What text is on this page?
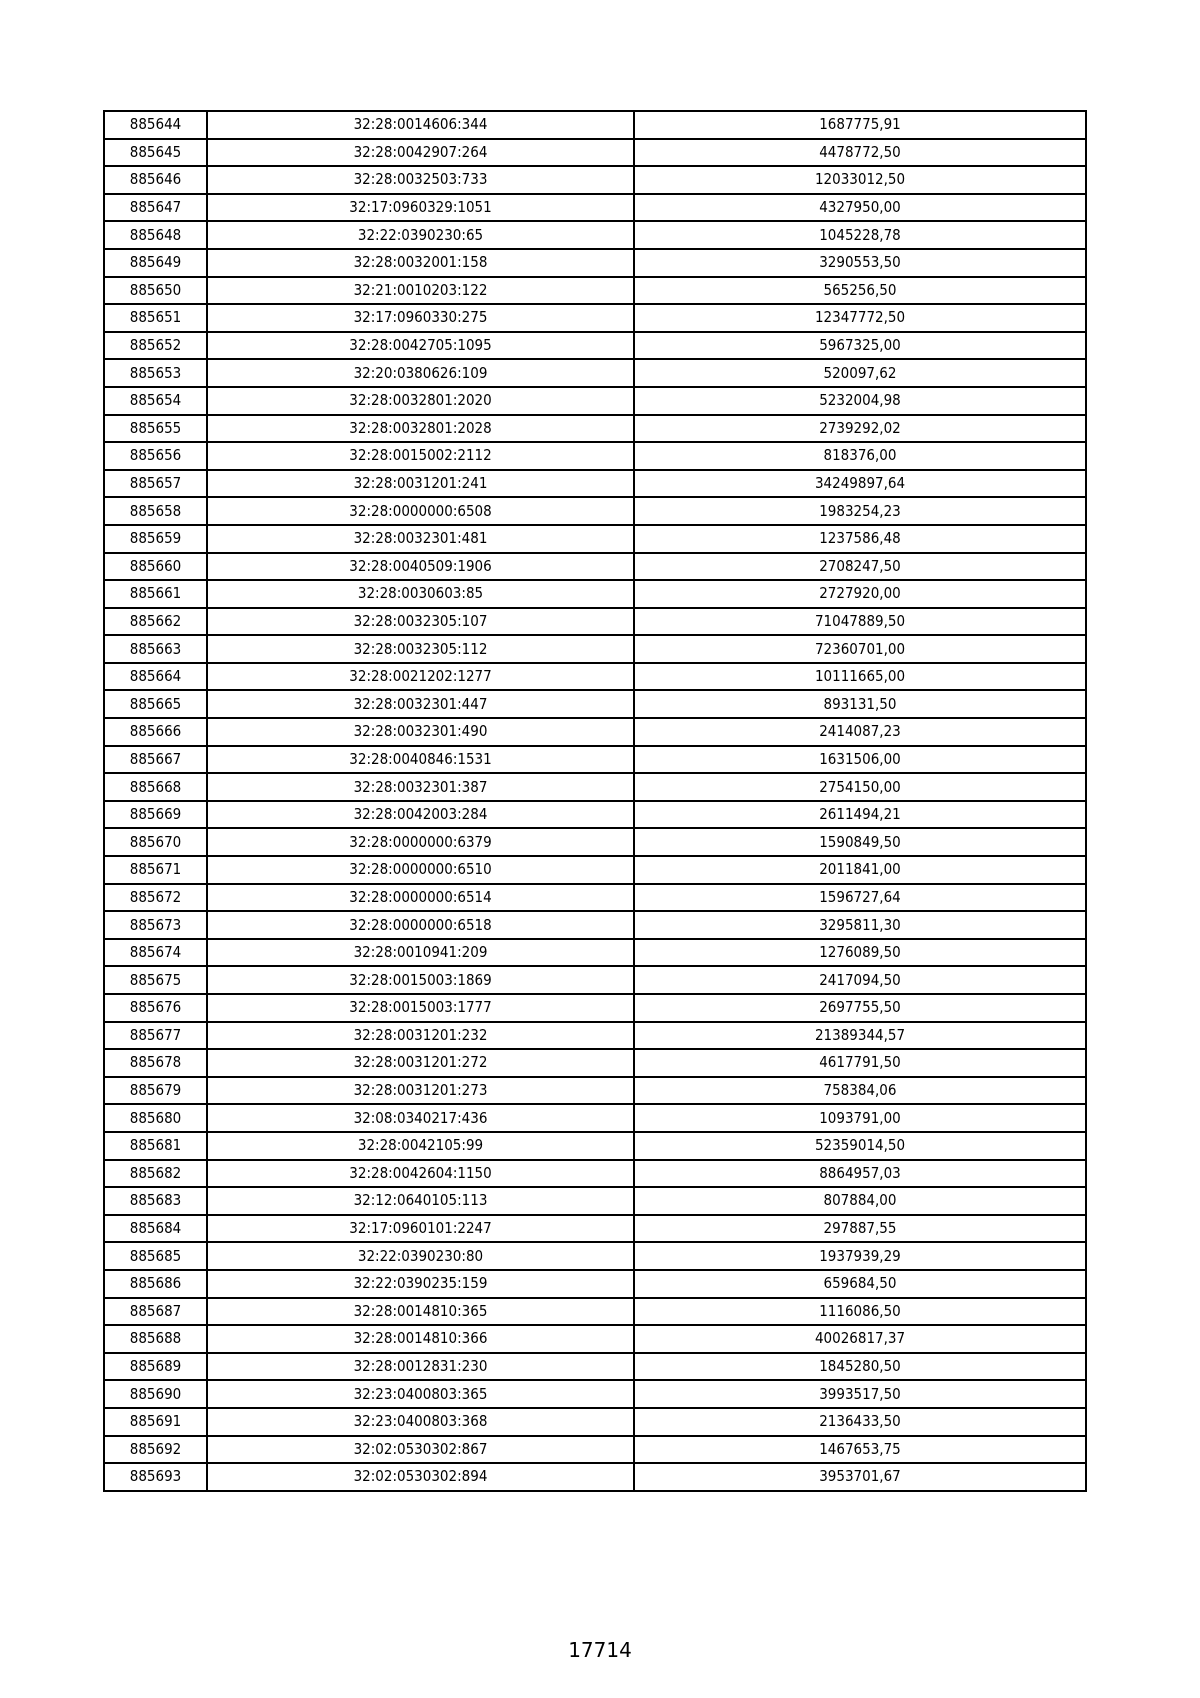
885644	32:28:0014606:344	1687775,91
885645	32:28:0042907:264	4478772,50
885646	32:28:0032503:733	12033012,50
885647	32:17:0960329:1051	4327950,00
885648	32:22:0390230:65	1045228,78
885649	32:28:0032001:158	3290553,50
885650	32:21:0010203:122	565256,50
885651	32:17:0960330:275	12347772,50
885652	32:28:0042705:1095	5967325,00
885653	32:20:0380626:109	520097,62
885654	32:28:0032801:2020	5232004,98
885655	32:28:0032801:2028	2739292,02
885656	32:28:0015002:2112	818376,00
885657	32:28:0031201:241	34249897,64
885658	32:28:0000000:6508	1983254,23
885659	32:28:0032301:481	1237586,48
885660	32:28:0040509:1906	2708247,50
885661	32:28:0030603:85	2727920,00
885662	32:28:0032305:107	71047889,50
885663	32:28:0032305:112	72360701,00
885664	32:28:0021202:1277	10111665,00
885665	32:28:0032301:447	893131,50
885666	32:28:0032301:490	2414087,23
885667	32:28:0040846:1531	1631506,00
885668	32:28:0032301:387	2754150,00
885669	32:28:0042003:284	2611494,21
885670	32:28:0000000:6379	1590849,50
885671	32:28:0000000:6510	2011841,00
885672	32:28:0000000:6514	1596727,64
885673	32:28:0000000:6518	3295811,30
885674	32:28:0010941:209	1276089,50
885675	32:28:0015003:1869	2417094,50
885676	32:28:0015003:1777	2697755,50
885677	32:28:0031201:232	21389344,57
885678	32:28:0031201:272	4617791,50
885679	32:28:0031201:273	758384,06
885680	32:08:0340217:436	1093791,00
885681	32:28:0042105:99	52359014,50
885682	32:28:0042604:1150	8864957,03
885683	32:12:0640105:113	807884,00
885684	32:17:0960101:2247	297887,55
885685	32:22:0390230:80	1937939,29
885686	32:22:0390235:159	659684,50
885687	32:28:0014810:365	1116086,50
885688	32:28:0014810:366	40026817,37
885689	32:28:0012831:230	1845280,50
885690	32:23:0400803:365	3993517,50
885691	32:23:0400803:368	2136433,50
885692	32:02:0530302:867	1467653,75
885693	32:02:0530302:894	3953701,67
17714
